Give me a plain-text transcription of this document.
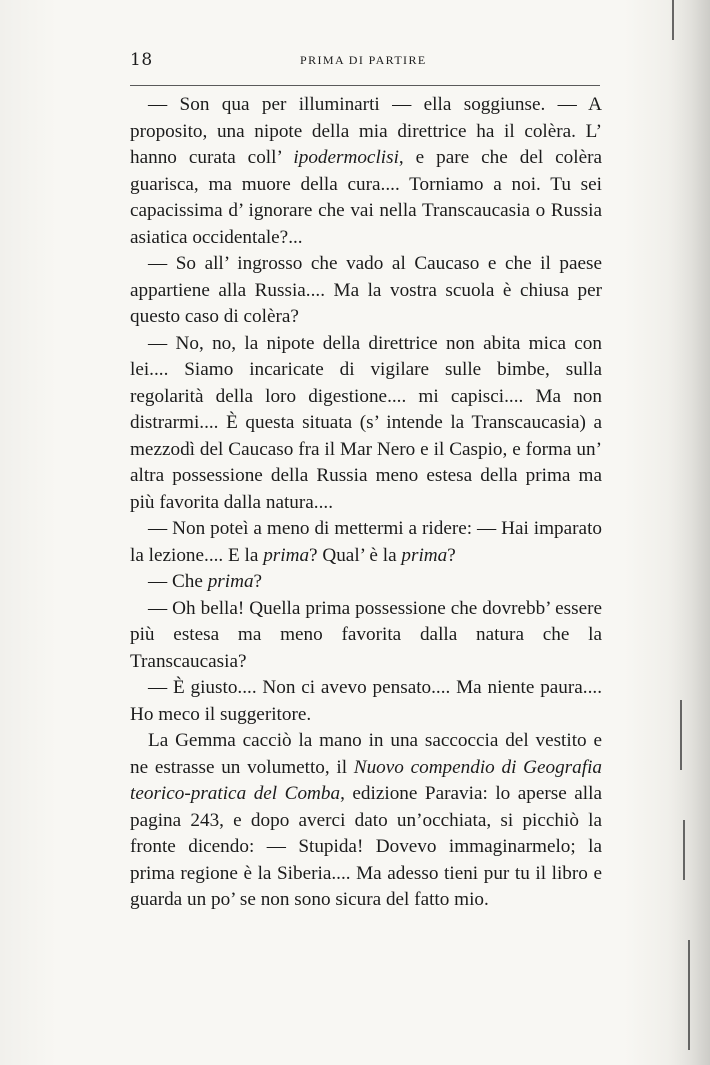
18	PRIMA DI PARTIRE

— Son qua per illuminarti — ella soggiunse. — A proposito, una nipote della mia direttrice ha il colèra. L’ hanno curata coll’ ipodermoclisi, e pare che del colèra guarisca, ma muore della cura.... Torniamo a noi. Tu sei capacissima d’ ignorare che vai nella Transcaucasia o Russia asiatica occidentale?...

— So all’ ingrosso che vado al Caucaso e che il paese appartiene alla Russia.... Ma la vostra scuola è chiusa per questo caso di colèra?

— No, no, la nipote della direttrice non abita mica con lei.... Siamo incaricate di vigilare sulle bimbe, sulla regolarità della loro digestione.... mi capisci.... Ma non distrarmi.... È questa situata (s’ intende la Transcaucasia) a mezzodì del Caucaso fra il Mar Nero e il Caspio, e forma un’ altra possessione della Russia meno estesa della prima ma più favorita dalla natura....

— Non poteì a meno di mettermi a ridere: — Hai imparato la lezione.... E la prima? Qual’ è la prima?

— Che prima?

— Oh bella! Quella prima possessione che dovrebb’ essere più estesa ma meno favorita dalla natura che la Transcaucasia?

— È giusto.... Non ci avevo pensato.... Ma niente paura.... Ho meco il suggeritore.

La Gemma cacciò la mano in una saccoccia del vestito e ne estrasse un volumetto, il Nuovo compendio di Geografia teorico-pratica del Comba, edizione Paravia: lo aperse alla pagina 243, e dopo averci dato un’occhiata, si picchiò la fronte dicendo: — Stupida! Dovevo immaginarmelo; la prima regione è la Siberia.... Ma adesso tieni pur tu il libro e guarda un po’ se non sono sicura del fatto mio.
